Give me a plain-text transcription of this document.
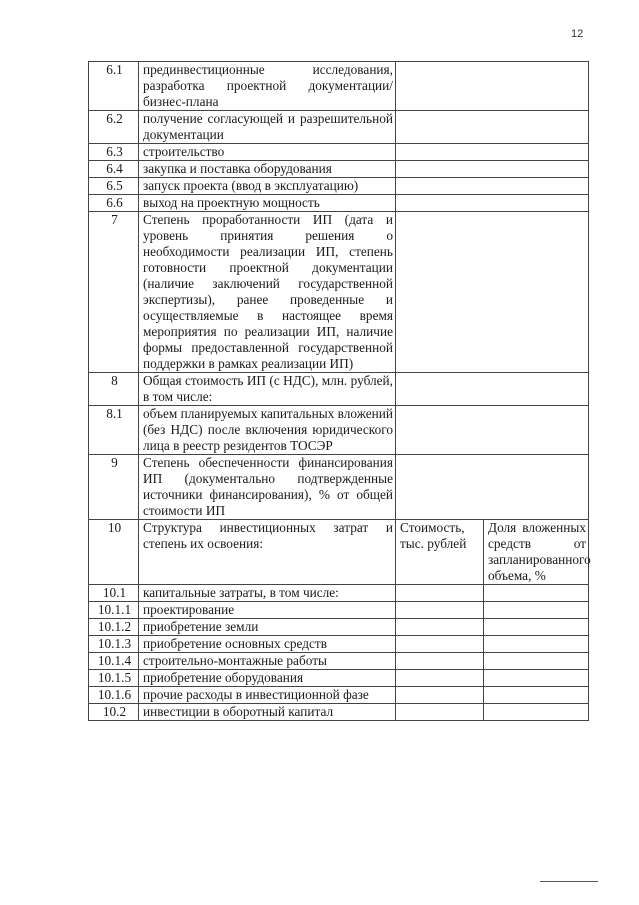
12
6.1	прединвестиционные исследования, разработка проектной документации/бизнес-плана		
6.2	получение согласующей и разрешительной документации		
6.3	строительство		
6.4	закупка и поставка оборудования		
6.5	запуск проекта (ввод в эксплуатацию)		
6.6	выход на проектную мощность		
7	Степень проработанности ИП (дата и уровень принятия решения о необходимости реализации ИП, степень готовности проектной документации (наличие заключений государственной экспертизы), ранее проведенные и осуществляемые в настоящее время мероприятия по реализации ИП, наличие формы предоставленной государственной поддержки в рамках реализации ИП)		
8	Общая стоимость ИП (с НДС), млн. рублей, в том числе:		
8.1	объем планируемых капитальных вложений (без НДС) после включения юридического лица в реестр резидентов ТОСЭР		
9	Степень обеспеченности финансирования ИП (документально подтвержденные источники финансирования), % от общей стоимости ИП		
10	Структура инвестиционных затрат и степень их освоения:	Стоимость, тыс. рублей	Доля вложенных средств от запланированного объема, %
10.1	капитальные затраты, в том числе:		
10.1.1	проектирование		
10.1.2	приобретение земли		
10.1.3	приобретение основных средств		
10.1.4	строительно-монтажные работы		
10.1.5	приобретение оборудования		
10.1.6	прочие расходы в инвестиционной фазе		
10.2	инвестиции в оборотный капитал		
